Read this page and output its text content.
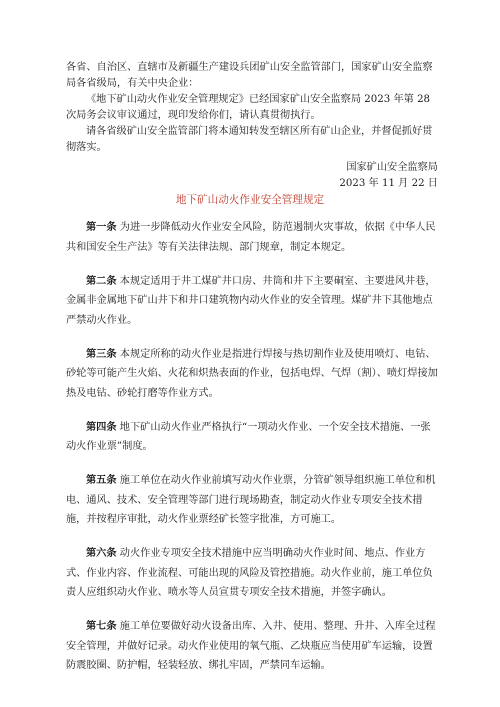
各省、自治区、直辖市及新疆生产建设兵团矿山安全监管部门，国家矿山安全监察局各省级局，有关中央企业：

《地下矿山动火作业安全管理规定》已经国家矿山安全监察局 2023 年第 28 次局务会议审议通过，现印发给你们，请认真贯彻执行。

请各省级矿山安全监管部门将本通知转发至辖区所有矿山企业，并督促抓好贯彻落实。

国家矿山安全监察局
2023 年 11 月 22 日
地下矿山动火作业安全管理规定

第一条 为进一步降低动火作业安全风险，防范遏制火灾事故，依据《中华人民共和国安全生产法》等有关法律法规、部门规章，制定本规定。

第二条 本规定适用于井工煤矿井口房、井筒和井下主要硐室、主要进风井巷，金属非金属地下矿山井下和井口建筑物内动火作业的安全管理。煤矿井下其他地点严禁动火作业。

第三条 本规定所称的动火作业是指进行焊接与热切割作业及使用喷灯、电钻、砂轮等可能产生火焰、火花和炽热表面的作业，包括电焊、气焊（割）、喷灯焊接加热及电钻、砂轮打磨等作业方式。

第四条 地下矿山动火作业严格执行“一项动火作业、一个安全技术措施、一张动火作业票”制度。

第五条 施工单位在动火作业前填写动火作业票，分管矿领导组织施工单位和机电、通风、技术、安全管理等部门进行现场勘查，制定动火作业专项安全技术措施，并按程序审批，动火作业票经矿长签字批准，方可施工。

第六条 动火作业专项安全技术措施中应当明确动火作业时间、地点、作业方式、作业内容、作业流程、可能出现的风险及管控措施。动火作业前，施工单位负责人应组织动火作业、喷水等人员宣贯专项安全技术措施，并签字确认。

第七条 施工单位要做好动火设备出库、入井、使用、整理、升井、入库全过程安全管理，并做好记录。动火作业使用的氧气瓶、乙炔瓶应当使用矿车运输，设置防震胶圈、防护帽，轻装轻放、绑扎牢固，严禁同车运输。
